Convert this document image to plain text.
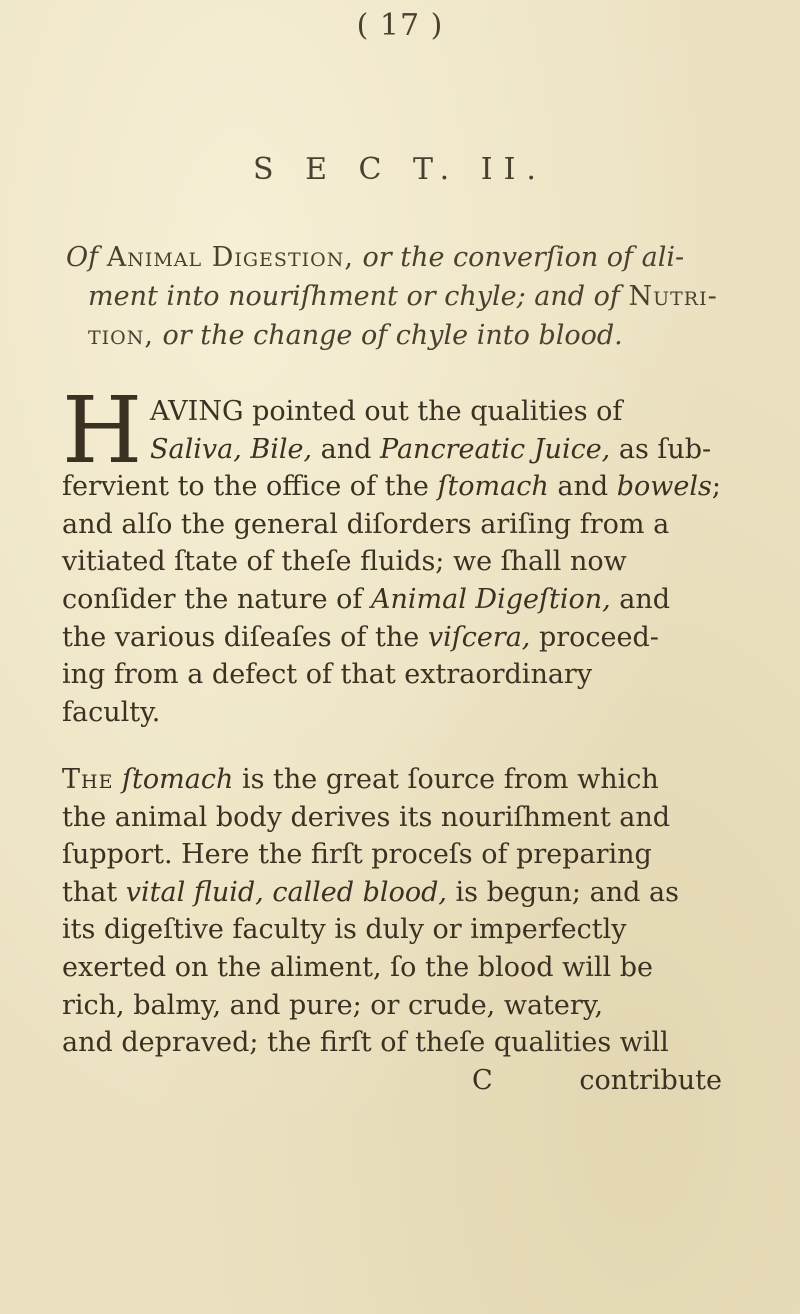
( 17 )
S E C T. II.
Of Animal Digestion, or the converſion of ali-
ment into nouriſhment or chyle; and of Nutri-
tion, or the change of chyle into blood.
H AVING pointed out the qualities of
Saliva, Bile, and Pancreatic Juice, as ſub-
fervient to the office of the ſtomach and bowels;
and alſo the general diſorders ariſing from a
vitiated ſtate of theſe fluids; we ſhall now
conſider the nature of Animal Digeſtion, and
the various diſeaſes of the viſcera, proceed-
ing from a defect of that extraordinary
faculty.
The ſtomach is the great ſource from which
the animal body derives its nouriſhment and
ſupport. Here the firſt proceſs of preparing
that vital fluid, called blood, is begun; and as
its digeſtive faculty is duly or imperfectly
exerted on the aliment, ſo the blood will be
rich, balmy, and pure; or crude, watery,
and depraved; the firſt of theſe qualities will
C	contribute
